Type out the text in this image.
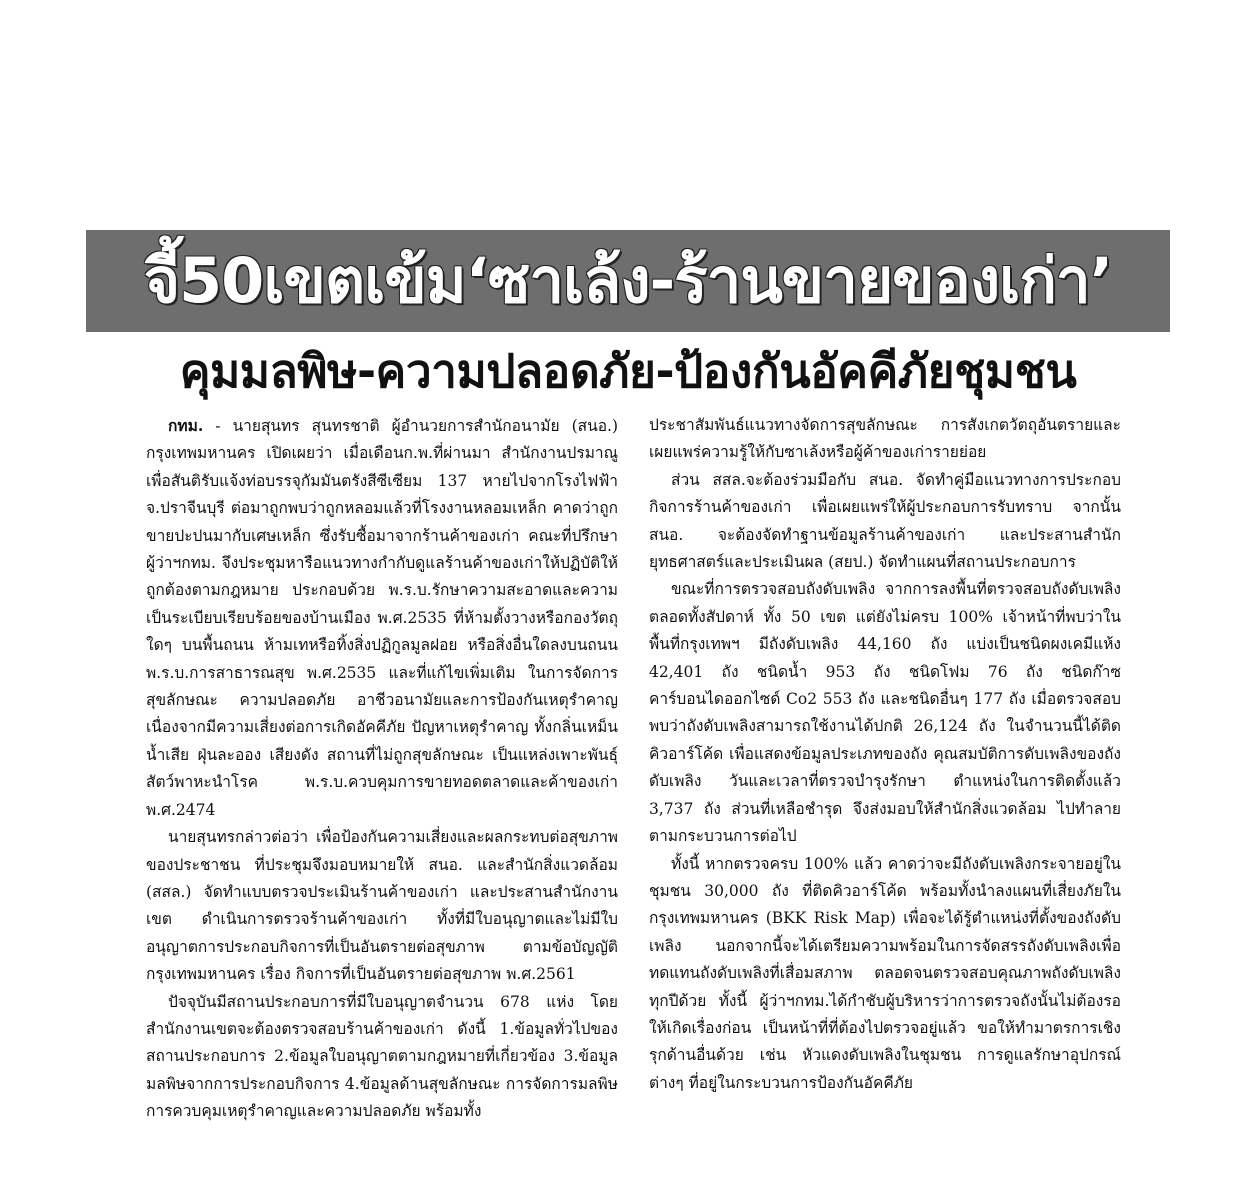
จี้50เขตเข้ม‘ซาเล้ง-ร้านขายของเก่า’
คุมมลพิษ-ความปลอดภัย-ป้องกันอัคคีภัยชุมชน

กทม. - นายสุนทร สุนทรชาติ ผู้อำนวยการสำนักอนามัย (สนอ.) กรุงเทพมหานคร เปิดเผยว่า เมื่อเดือนก.พ.ที่ผ่านมา สำนักงานปรมาณูเพื่อสันติรับแจ้งท่อบรรจุกัมมันตรังสีซีเซียม 137 หายไปจากโรงไฟฟ้า จ.ปราจีนบุรี ต่อมาถูกพบว่าถูกหลอมแล้วที่โรงงานหลอมเหล็ก คาดว่าถูกขายปะปนมากับเศษเหล็ก ซึ่งรับซื้อมาจากร้านค้าของเก่า คณะที่ปรึกษาผู้ว่าฯกทม. จึงประชุมหารือแนวทางกำกับดูแลร้านค้าของเก่าให้ปฏิบัติให้ถูกต้องตามกฎหมาย ประกอบด้วย พ.ร.บ.รักษาความสะอาดและความเป็นระเบียบเรียบร้อยของบ้านเมือง พ.ศ.2535 ที่ห้ามตั้งวางหรือกองวัตถุใดๆ บนพื้นถนน ห้ามเทหรือทิ้งสิ่งปฏิกูลมูลฝอย หรือสิ่งอื่นใดลงบนถนน พ.ร.บ.การสาธารณสุข พ.ศ.2535 และที่แก้ไขเพิ่มเติม ในการจัดการสุขลักษณะ ความปลอดภัย อาชีวอนามัยและการป้องกันเหตุรำคาญ เนื่องจากมีความเสี่ยงต่อการเกิดอัคคีภัย ปัญหาเหตุรำคาญ ทั้งกลิ่นเหม็น น้ำเสีย ฝุ่นละออง เสียงดัง สถานที่ไม่ถูกสุขลักษณะ เป็นแหล่งเพาะพันธุ์สัตว์พาหะนำโรค พ.ร.บ.ควบคุมการขายทอดตลาดและค้าของเก่า พ.ศ.2474

นายสุนทรกล่าวต่อว่า เพื่อป้องกันความเสี่ยงและผลกระทบต่อสุขภาพของประชาชน ที่ประชุมจึงมอบหมายให้ สนอ. และสำนักสิ่งแวดล้อม (สสล.) จัดทำแบบตรวจประเมินร้านค้าของเก่า และประสานสำนักงานเขต ดำเนินการตรวจร้านค้าของเก่า ทั้งที่มีใบอนุญาตและไม่มีใบอนุญาตการประกอบกิจการที่เป็นอันตรายต่อสุขภาพ ตามข้อบัญญัติกรุงเทพมหานคร เรื่อง กิจการที่เป็นอันตรายต่อสุขภาพ พ.ศ.2561

ปัจจุบันมีสถานประกอบการที่มีใบอนุญาตจำนวน 678 แห่ง โดยสำนักงานเขตจะต้องตรวจสอบร้านค้าของเก่า ดังนี้ 1.ข้อมูลทั่วไปของสถานประกอบการ 2.ข้อมูลใบอนุญาตตามกฎหมายที่เกี่ยวข้อง 3.ข้อมูลมลพิษจากการประกอบกิจการ 4.ข้อมูลด้านสุขลักษณะ การจัดการมลพิษ การควบคุมเหตุรำคาญและความปลอดภัย พร้อมทั้ง

ประชาสัมพันธ์แนวทางจัดการสุขลักษณะ การสังเกตวัตถุอันตรายและเผยแพร่ความรู้ให้กับซาเล้งหรือผู้ค้าของเก่ารายย่อย

ส่วน สสล.จะต้องร่วมมือกับ สนอ. จัดทำคู่มือแนวทางการประกอบกิจการร้านค้าของเก่า เพื่อเผยแพร่ให้ผู้ประกอบการรับทราบ จากนั้น สนอ. จะต้องจัดทำฐานข้อมูลร้านค้าของเก่า และประสานสำนักยุทธศาสตร์และประเมินผล (สยป.) จัดทำแผนที่สถานประกอบการ

ขณะที่การตรวจสอบถังดับเพลิง จากการลงพื้นที่ตรวจสอบถังดับเพลิงตลอดทั้งสัปดาห์ ทั้ง 50 เขต แต่ยังไม่ครบ 100% เจ้าหน้าที่พบว่าในพื้นที่กรุงเทพฯ มีถังดับเพลิง 44,160 ถัง แบ่งเป็นชนิดผงเคมีแห้ง 42,401 ถัง ชนิดน้ำ 953 ถัง ชนิดโฟม 76 ถัง ชนิดก๊าซคาร์บอนไดออกไซด์ Co2 553 ถัง และชนิดอื่นๆ 177 ถัง เมื่อตรวจสอบพบว่าถังดับเพลิงสามารถใช้งานได้ปกติ 26,124 ถัง ในจำนวนนี้ได้ติดคิวอาร์โค้ด เพื่อแสดงข้อมูลประเภทของถัง คุณสมบัติการดับเพลิงของถังดับเพลิง วันและเวลาที่ตรวจบำรุงรักษา ตำแหน่งในการติดตั้งแล้ว 3,737 ถัง ส่วนที่เหลือชำรุด จึงส่งมอบให้สำนักสิ่งแวดล้อม ไปทำลายตามกระบวนการต่อไป

ทั้งนี้ หากตรวจครบ 100% แล้ว คาดว่าจะมีถังดับเพลิงกระจายอยู่ในชุมชน 30,000 ถัง ที่ติดคิวอาร์โค้ด พร้อมทั้งนำลงแผนที่เสี่ยงภัยในกรุงเทพมหานคร (BKK Risk Map) เพื่อจะได้รู้ตำแหน่งที่ตั้งของถังดับเพลิง นอกจากนี้จะได้เตรียมความพร้อมในการจัดสรรถังดับเพลิงเพื่อทดแทนถังดับเพลิงที่เสื่อมสภาพ ตลอดจนตรวจสอบคุณภาพถังดับเพลิงทุกปีด้วย ทั้งนี้ ผู้ว่าฯกทม.ได้กำชับผู้บริหารว่าการตรวจถังนั้นไม่ต้องรอให้เกิดเรื่องก่อน เป็นหน้าที่ที่ต้องไปตรวจอยู่แล้ว ขอให้ทำมาตรการเชิงรุกด้านอื่นด้วย เช่น หัวแดงดับเพลิงในชุมชน การดูแลรักษาอุปกรณ์ต่างๆ ที่อยู่ในกระบวนการป้องกันอัคคีภัย
